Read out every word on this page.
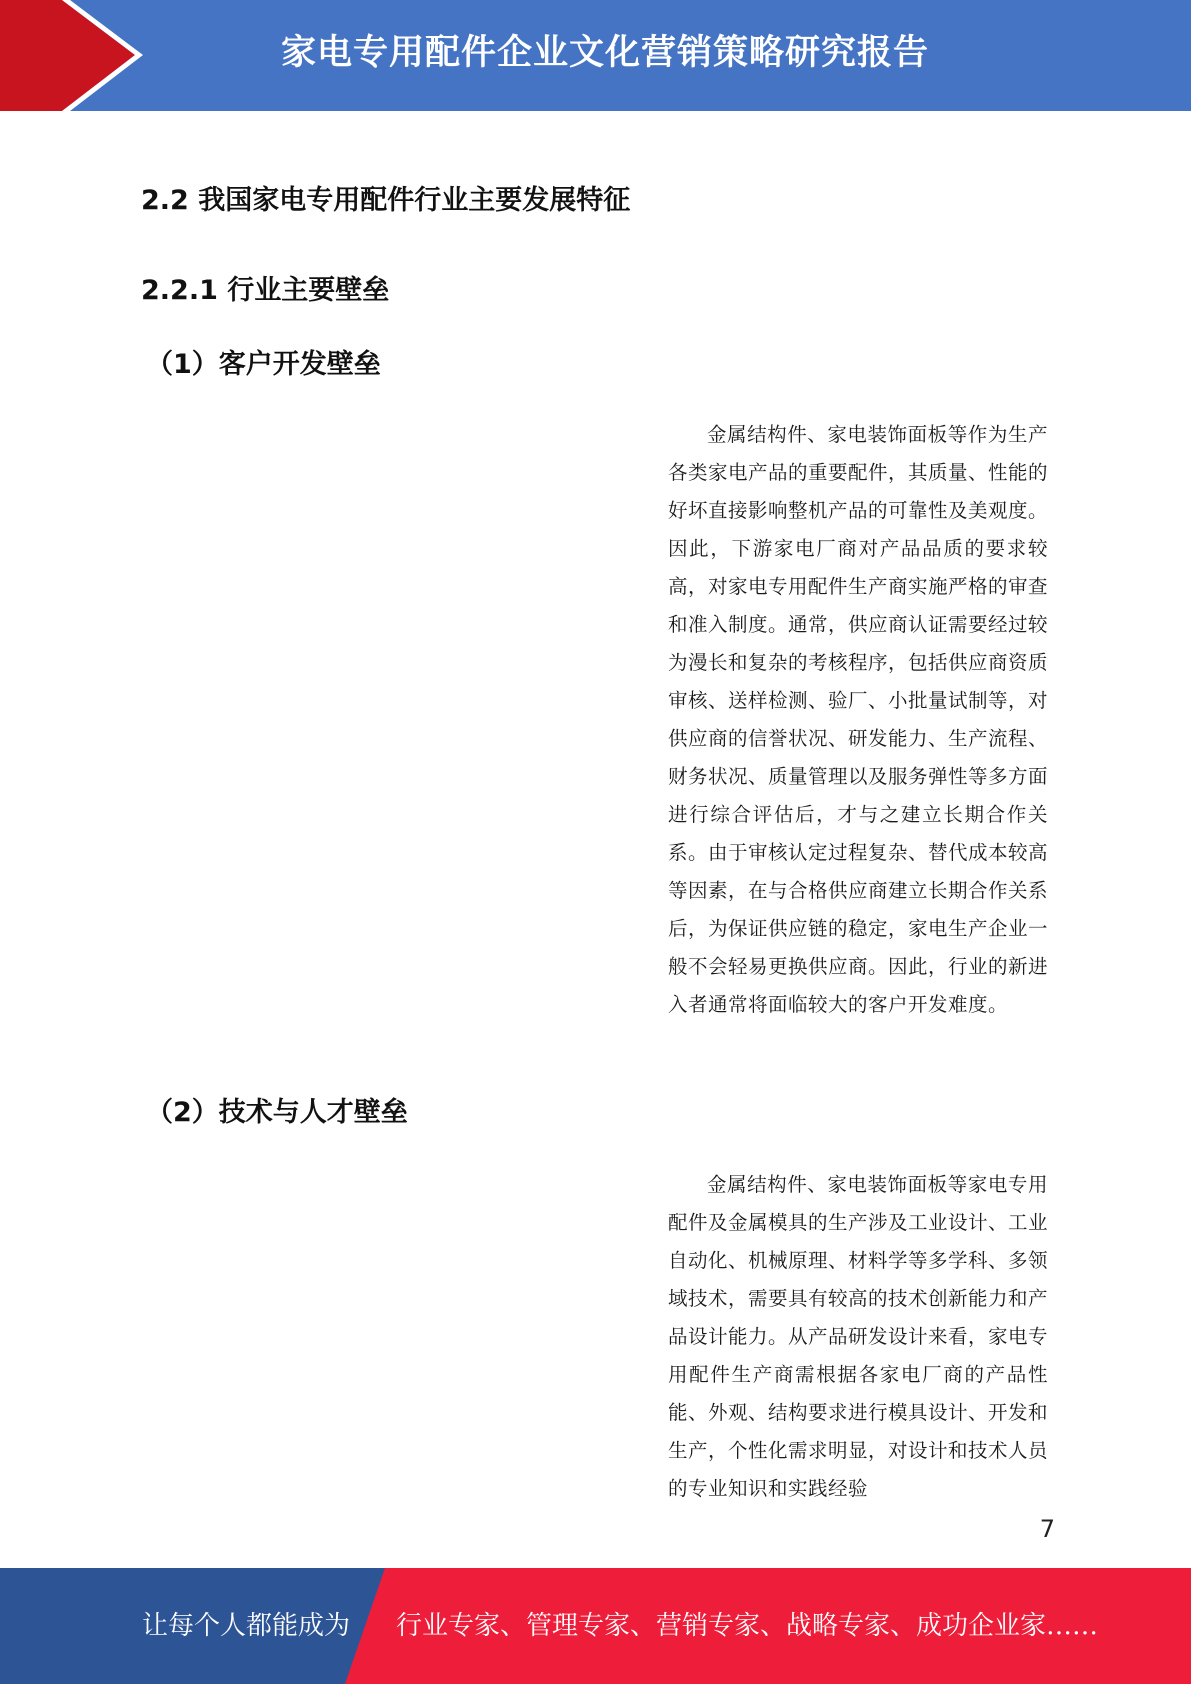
家电专用配件企业文化营销策略研究报告
2.2 我国家电专用配件行业主要发展特征
2.2.1 行业主要壁垒
（1）客户开发壁垒

金属结构件、家电装饰面板等作为生产各类家电产品的重要配件，其质量、性能的好坏直接影响整机产品的可靠性及美观度。因此，下游家电厂商对产品品质的要求较高，对家电专用配件生产商实施严格的审查和准入制度。通常，供应商认证需要经过较为漫长和复杂的考核程序，包括供应商资质审核、送样检测、验厂、小批量试制等，对供应商的信誉状况、研发能力、生产流程、财务状况、质量管理以及服务弹性等多方面进行综合评估后，才与之建立长期合作关系。由于审核认定过程复杂、替代成本较高等因素，在与合格供应商建立长期合作关系后，为保证供应链的稳定，家电生产企业一般不会轻易更换供应商。因此，行业的新进入者通常将面临较大的客户开发难度。

（2）技术与人才壁垒

金属结构件、家电装饰面板等家电专用配件及金属模具的生产涉及工业设计、工业自动化、机械原理、材料学等多学科、多领域技术，需要具有较高的技术创新能力和产品设计能力。从产品研发设计来看，家电专用配件生产商需根据各家电厂商的产品性能、外观、结构要求进行模具设计、开发和生产，个性化需求明显，对设计和技术人员的专业知识和实践经验

7
让每个人都能成为 行业专家、管理专家、营销专家、战略专家、成功企业家……
